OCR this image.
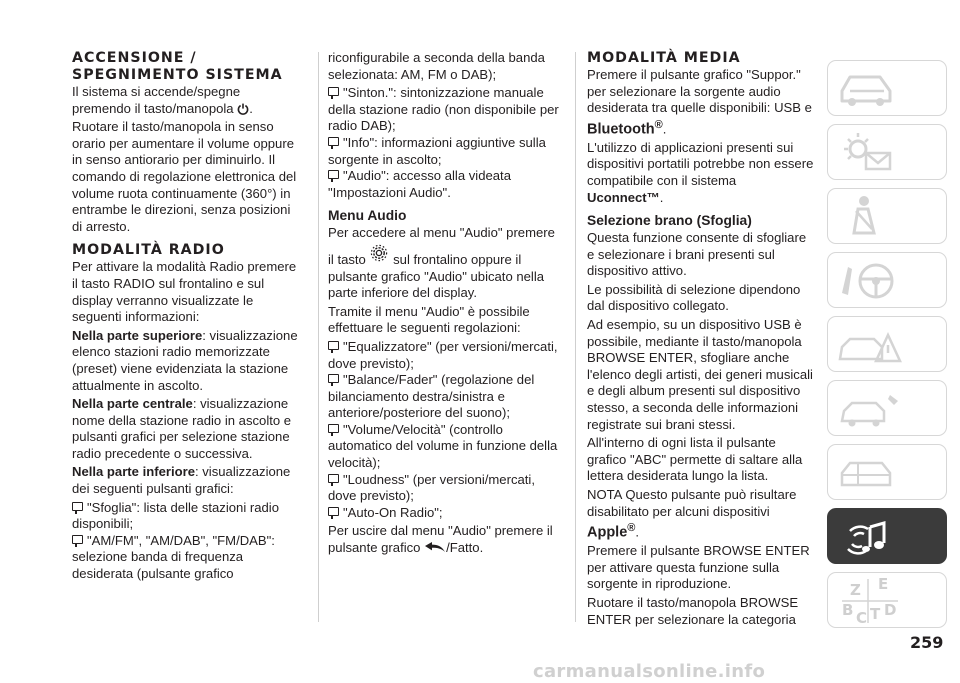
ACCENSIONE /
SPEGNIMENTO SISTEMA

Il sistema si accende/spegne
premendo il tasto/manopola .

Ruotare il tasto/manopola in senso orario per aumentare il volume oppure in senso antiorario per diminuirlo. Il comando di regolazione elettronica del volume ruota continuamente (360°) in entrambe le direzioni, senza posizioni di arresto.

MODALITÀ RADIO

Per attivare la modalità Radio premere il tasto RADIO sul frontalino e sul display verranno visualizzate le seguenti informazioni:

Nella parte superiore: visualizzazione elenco stazioni radio memorizzate (preset) viene evidenziata la stazione attualmente in ascolto.

Nella parte centrale: visualizzazione nome della stazione radio in ascolto e pulsanti grafici per selezione stazione radio precedente o successiva.

Nella parte inferiore: visualizzazione dei seguenti pulsanti grafici:

"Sfoglia": lista delle stazioni radio disponibili;
"AM/FM", "AM/DAB", "FM/DAB": selezione banda di frequenza desiderata (pulsante grafico

riconfigurabile a seconda della banda selezionata: AM, FM o DAB);

"Sinton.": sintonizzazione manuale della stazione radio (non disponibile per radio DAB);
"Info": informazioni aggiuntive sulla sorgente in ascolto;
"Audio": accesso alla videata "Impostazioni Audio".
Menu Audio

Per accedere al menu "Audio" premere

il tasto sul frontalino oppure il pulsante grafico "Audio" ubicato nella parte inferiore del display.

Tramite il menu "Audio" è possibile effettuare le seguenti regolazioni:

"Equalizzatore" (per versioni/mercati, dove previsto);
"Balance/Fader" (regolazione del bilanciamento destra/sinistra e anteriore/posteriore del suono);
"Volume/Velocità" (controllo automatico del volume in funzione della velocità);
"Loudness" (per versioni/mercati, dove previsto);
"Auto-On Radio";

Per uscire dal menu "Audio" premere il
pulsante grafico /Fatto.

MODALITÀ MEDIA

Premere il pulsante grafico "Suppor." per selezionare la sorgente audio desiderata tra quelle disponibili: USB e
Bluetooth®.

L'utilizzo di applicazioni presenti sui dispositivi portatili potrebbe non essere compatibile con il sistema
Uconnect™.

Selezione brano (Sfoglia)

Questa funzione consente di sfogliare e selezionare i brani presenti sul dispositivo attivo.

Le possibilità di selezione dipendono dal dispositivo collegato.

Ad esempio, su un dispositivo USB è possibile, mediante il tasto/manopola BROWSE ENTER, sfogliare anche l'elenco degli artisti, dei generi musicali e degli album presenti sul dispositivo stesso, a seconda delle informazioni registrate sui brani stessi.

All'interno di ogni lista il pulsante grafico "ABC" permette di saltare alla lettera desiderata lungo la lista.

NOTA Questo pulsante può risultare disabilitato per alcuni dispositivi
Apple®.

Premere il pulsante BROWSE ENTER per attivare questa funzione sulla sorgente in riproduzione.

Ruotare il tasto/manopola BROWSE ENTER per selezionare la categoria

Z E
B C T D
259
carmanualsonline.info
